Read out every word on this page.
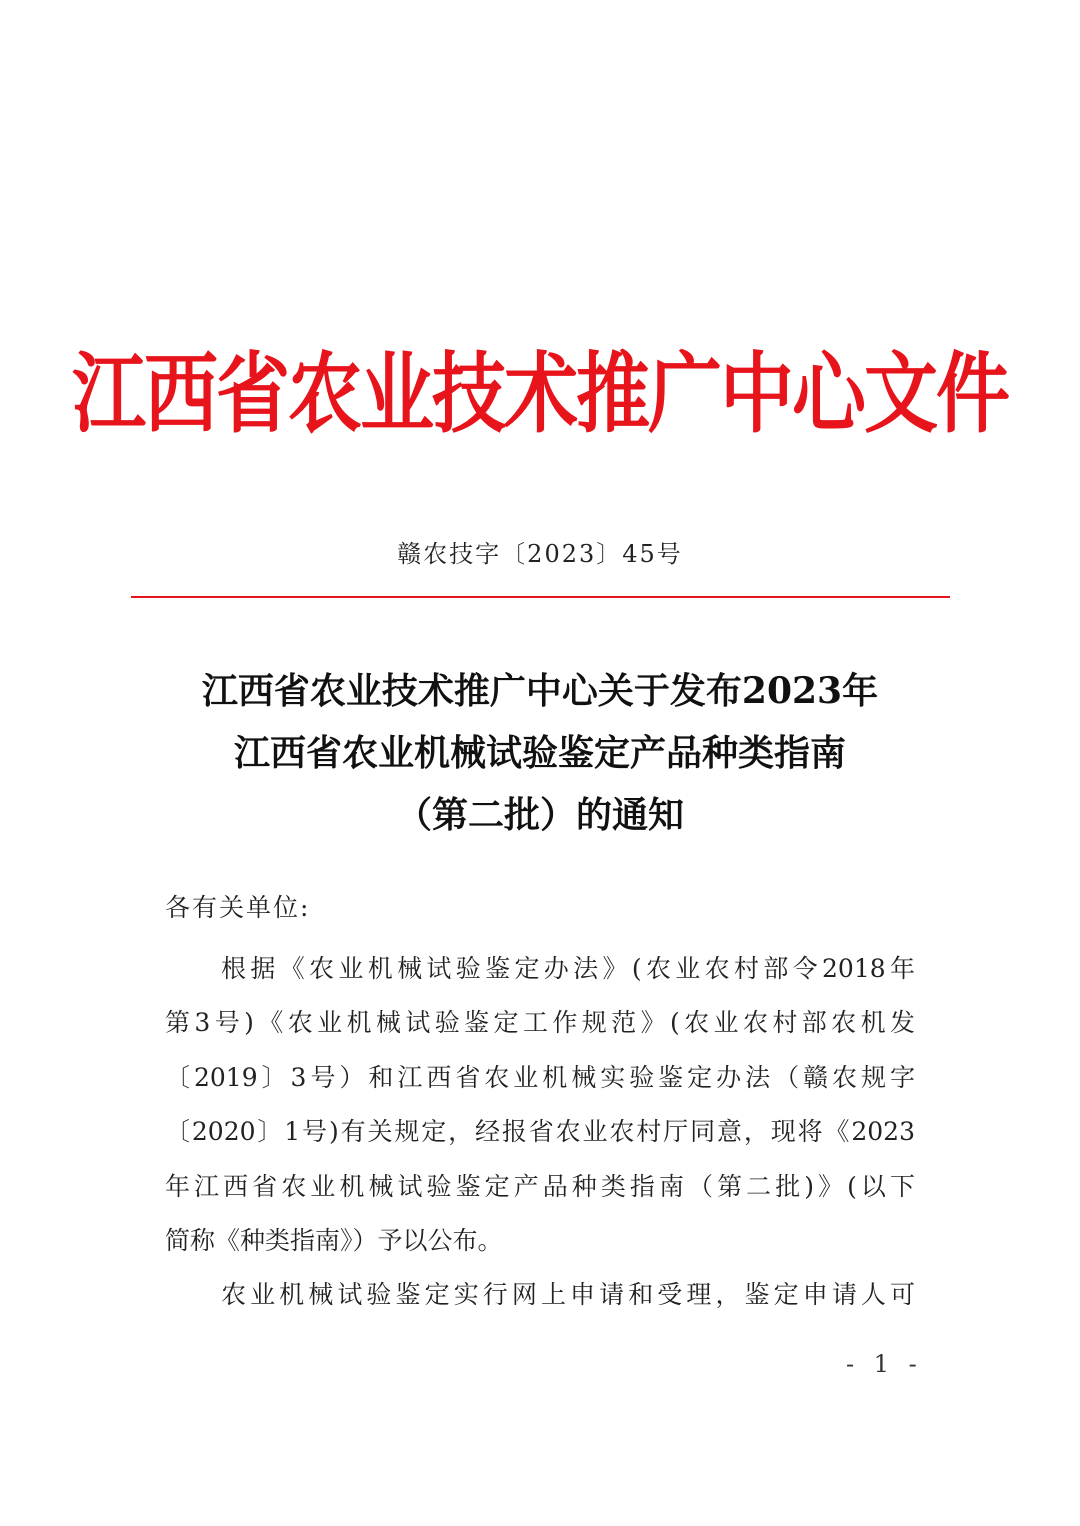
江西省农业技术推广中心文件
赣农技字〔2023〕45号
江西省农业技术推广中心关于发布2023年
江西省农业机械试验鉴定产品种类指南
（第二批）的通知
各有关单位:
根据《农业机械试验鉴定办法》(农业农村部令2018年
第3号)《农业机械试验鉴定工作规范》(农业农村部农机发
〔2019〕3号）和江西省农业机械实验鉴定办法（赣农规字
〔2020〕1号)有关规定，经报省农业农村厅同意，现将《2023
年江西省农业机械试验鉴定产品种类指南（第二批)》(以下
简称《种类指南》）予以公布。
农业机械试验鉴定实行网上申请和受理，鉴定申请人可
- 1 -
